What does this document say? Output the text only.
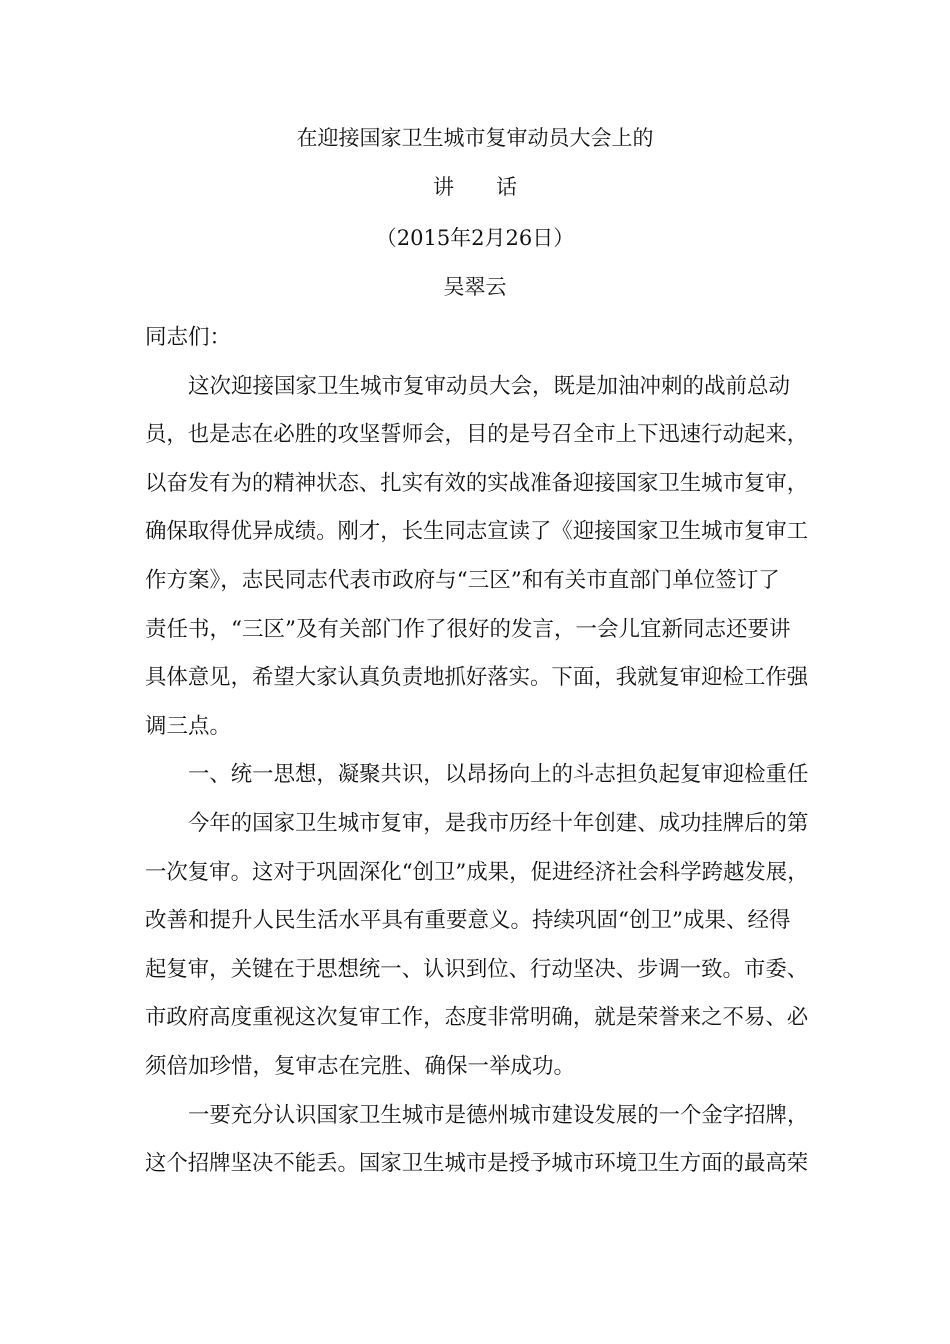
在迎接国家卫生城市复审动员大会上的
讲　　话
（2015年2月26日）
吴翠云
同志们：
这次迎接国家卫生城市复审动员大会，既是加油冲刺的战前总动
员，也是志在必胜的攻坚誓师会，目的是号召全市上下迅速行动起来，
以奋发有为的精神状态、扎实有效的实战准备迎接国家卫生城市复审，
确保取得优异成绩。刚才，长生同志宣读了《迎接国家卫生城市复审工
作方案》，志民同志代表市政府与“三区”和有关市直部门单位签订了
责任书，“三区”及有关部门作了很好的发言，一会儿宜新同志还要讲
具体意见，希望大家认真负责地抓好落实。下面，我就复审迎检工作强
调三点。
一、统一思想，凝聚共识，以昂扬向上的斗志担负起复审迎检重任
今年的国家卫生城市复审，是我市历经十年创建、成功挂牌后的第
一次复审。这对于巩固深化“创卫”成果，促进经济社会科学跨越发展，
改善和提升人民生活水平具有重要意义。持续巩固“创卫”成果、经得
起复审，关键在于思想统一、认识到位、行动坚决、步调一致。市委、
市政府高度重视这次复审工作，态度非常明确，就是荣誉来之不易、必
须倍加珍惜，复审志在完胜、确保一举成功。
一要充分认识国家卫生城市是德州城市建设发展的一个金字招牌，
这个招牌坚决不能丢。国家卫生城市是授予城市环境卫生方面的最高荣
